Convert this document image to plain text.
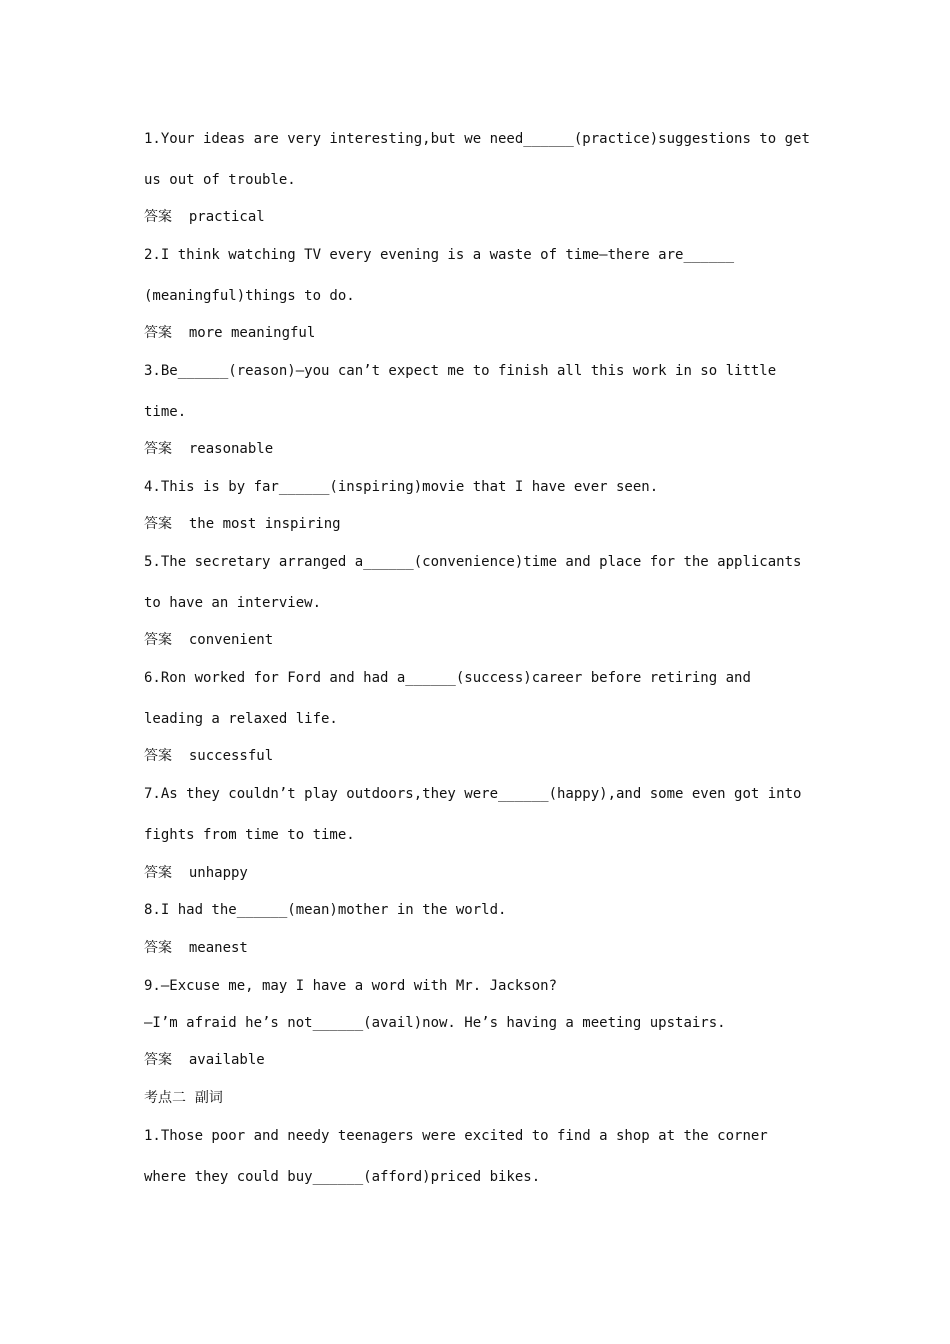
1.Your ideas are very interesting,but we need______(practice)suggestions to get
us out of trouble.
答案 practical
2.I think watching TV every evening is a waste of time—there are______
(meaningful)things to do.
答案 more meaningful
3.Be______(reason)—you can’t expect me to finish all this work in so little
time.
答案 reasonable
4.This is by far______(inspiring)movie that I have ever seen.
答案 the most inspiring
5.The secretary arranged a______(convenience)time and place for the applicants
to have an interview.
答案 convenient
6.Ron worked for Ford and had a______(success)career before retiring and
leading a relaxed life.
答案 successful
7.As they couldn’t play outdoors,they were______(happy),and some even got into
fights from time to time.
答案 unhappy
8.I had the______(mean)mother in the world.
答案 meanest
9.—Excuse me, may I have a word with Mr. Jackson?
—I’m afraid he’s not______(avail)now. He’s having a meeting upstairs.
答案 available
考点二 副词
1.Those poor and needy teenagers were excited to find a shop at the corner
where they could buy______(afford)priced bikes.
